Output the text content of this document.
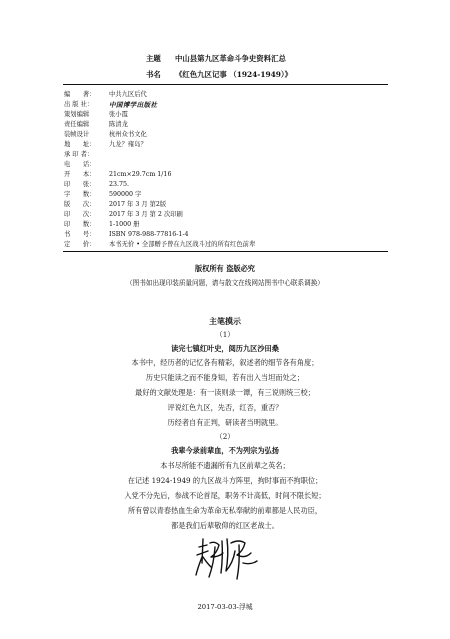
主题 中山县第九区革命斗争史资料汇总
书名 《红色九区记事 （1924-1949）》
编　　著： 中共九区后代
出 版 社： 中国博学出版社
策划编辑	张小霞
责任编辑	陈清龙
装帧设计	杭州众书文化
地　　址： 九龙？雍岛？
承 印 者：
电　　话：
开　　本： 21cm×29.7cm 1/16
印　　张： 23.75.
字　　数： 590000 字
版　　次： 2017 年 3 月 第2版
印　　次： 2017 年 3 月 第 2 次印刷
印　　数： 1-1000 册
书　　号： ISBN 978-988-77816-1-4
定　　价： 本书无价 • 全部赠予曾在九区战斗过的所有红色前辈
版权所有 盗版必究
（图书如出现印装质量问题，请与散文在线网站图书中心联系调换）
主笔摸示
（1）
读完七镇红叶史，阅历九区沙田桑
本书中，经历者的记忆各有精彩，叙述者的细节各有角度；
历史只能读之而不能身知，若有出入当坦而处之；
最好的文献处理是：有一读则录一谭，有三说则统三校；
评说红色九区，先否，红否，重否？
历经者自有正判，研读者当明就里。
（2）
我辈今录前辈血，不为列宗为弘扬
本书尽所能不遗漏所有九区前辈之英名；
在记述 1924-1949 的九区战斗方阵里，拘时事而不拘职位；
入党不分先后，参战不论首尾，职务不计高低，时间不限长短；
所有曾以青春热血生命为革命无私奉献的前辈都是人民功臣，
都是我们后辈敬仰的红区老战士。
2017-03-03-浮城
